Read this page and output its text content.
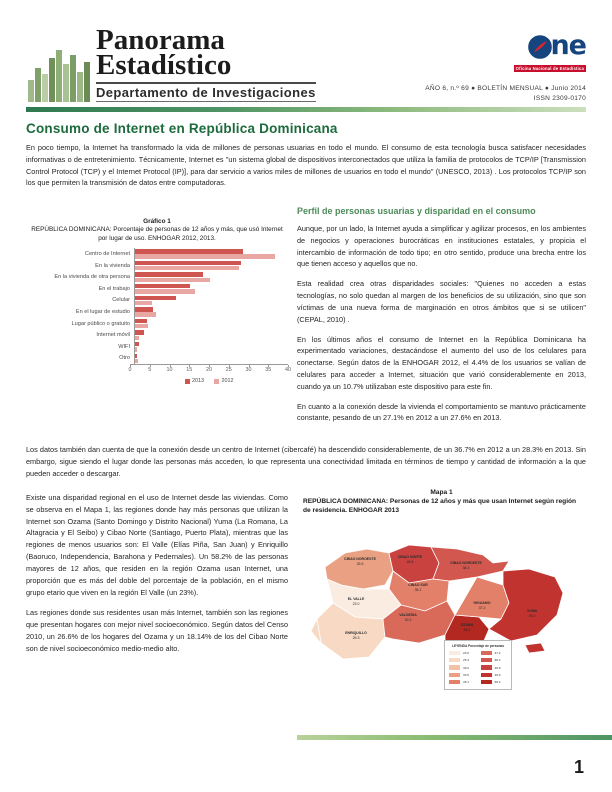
Panorama
Estadístico
Departamento de Investigaciones
ne
Oficina Nacional de Estadística
AÑO 6, n.º 69 ● BOLETÍN MENSUAL ● Junio 2014
ISSN 2309-0170
Consumo de Internet en República Dominicana
En poco tiempo, la Internet ha transformado la vida de millones de personas usuarias en todo el mundo. El consumo de esta tecnología busca satisfacer necesidades informativas o de entretenimiento. Técnicamente, Internet es "un sistema global de dispositivos interconectados que utiliza la familia de protocolos de TCP/IP [Transmission Control Protocol (TCP) y el Internet Protocol (IP)], para dar servicio a varios miles de millones de usuarios en todo el mundo" (UNESCO, 2013) . Los protocolos TCP/IP son los que permiten la transmisión de datos entre computadoras.
Gráfico 1
REPÚBLICA DOMINICANA: Porcentaje de personas de 12 años y más, que usó Internet por lugar de uso. ENHOGAR 2012, 2013.
Centro de Internet
En la vivienda
En la vivienda de otra persona
En el trabajo
Celular
En el lugar de estudio
Lugar público o gratuito
Internet móvil
WIFI
Otro
0	5	10	15	20	25	30	35	40
2013	2012
Perfil de personas usuarias y disparidad en el consumo

Aunque, por un lado, la Internet ayuda a simplificar y agilizar procesos, en los ambientes de negocios y operaciones burocráticas en instituciones estatales, y propicia el intercambio de información de todo tipo; en otro sentido, produce una brecha entre los que tienen acceso y aquellos que no.

Esta realidad crea otras disparidades sociales: "Quienes no acceden a estas tecnologías, no solo quedan al margen de los beneficios de su utilización, sino que son víctimas de una nueva forma de marginación en otros ámbitos que si se utilicen" (CEPAL, 2010) .

En los últimos años el consumo de Internet en la República Dominicana ha experimentado variaciones, destacándose el aumento del uso de los celulares para conectarse. Según datos de la ENHOGAR 2012, el 4.4% de los usuarios se valían de celulares para acceder a Internet, situación que varió considerablemente en 2013, cuando ya un 10.7% utilizaban este dispositivo para este fin.

En cuanto a la conexión desde la vivienda el comportamiento se mantuvo prácticamente constante, pesando de un 27.1% en 2012 a un 27.6% en 2013.

Los datos también dan cuenta de que la conexión desde un centro de Internet (cibercafé) ha descendido considerablemente, de un 36.7% en 2012 a un 28.3% en 2013. Sin embargo, sigue siendo el lugar donde las personas más acceden, lo que representa una conectividad limitada en términos de tiempo y cantidad de información a la que pueden acceder o descargar.

Existe una disparidad regional en el uso de Internet desde las viviendas. Como se observa en el Mapa 1, las regiones donde hay más personas que utilizan la Internet son Ozama (Santo Domingo y Distrito Nacional) Yuma (La Romana, La Altagracia y El Seibo) y Cibao Norte (Santiago, Puerto Plata), mientras que las regiones de menos usuarios son: El Valle (Elías Piña, San Juan) y Enriquillo (Baoruco, Independencia, Barahona y Pedernales). Un 58.2% de las personas mayores de 12 años, que residen en la región Ozama usan Internet, una proporción que es más del doble del porcentaje de la población, en el mismo grupo etario que viven en la región El Valle (un 23%).

Las regiones donde sus residentes usan más Internet, también son las regiones que presentan hogares con mejor nivel socioeconómico. Según datos del Censo 2010, un 26.6% de los hogares del Ozama y un 18.14% de los del Cibao Norte son de nivel socioeconómico medio-medio alto.

Mapa 1
REPÚBLICA DOMINICANA: Personas de 12 años y más que usan Internet según región de residencia. ENHOGAR 2013
CIBAO NOROESTE
33.5
CIBAO NORTE
45.8	CIBAO NORDESTE
38.4
CIBAO SUR
35.1
EL VALLE
23.0
ENRIQUILLO
25.3
VALDESIA
30.2
OZAMA
58.2
HIGUAMO
37.2
YUMA
46.0
LEYENDA Porcentaje de personas
23.0
25.3
30.2
33.5
35.1
37.2
38.4
45.8
46.0
58.2
1
